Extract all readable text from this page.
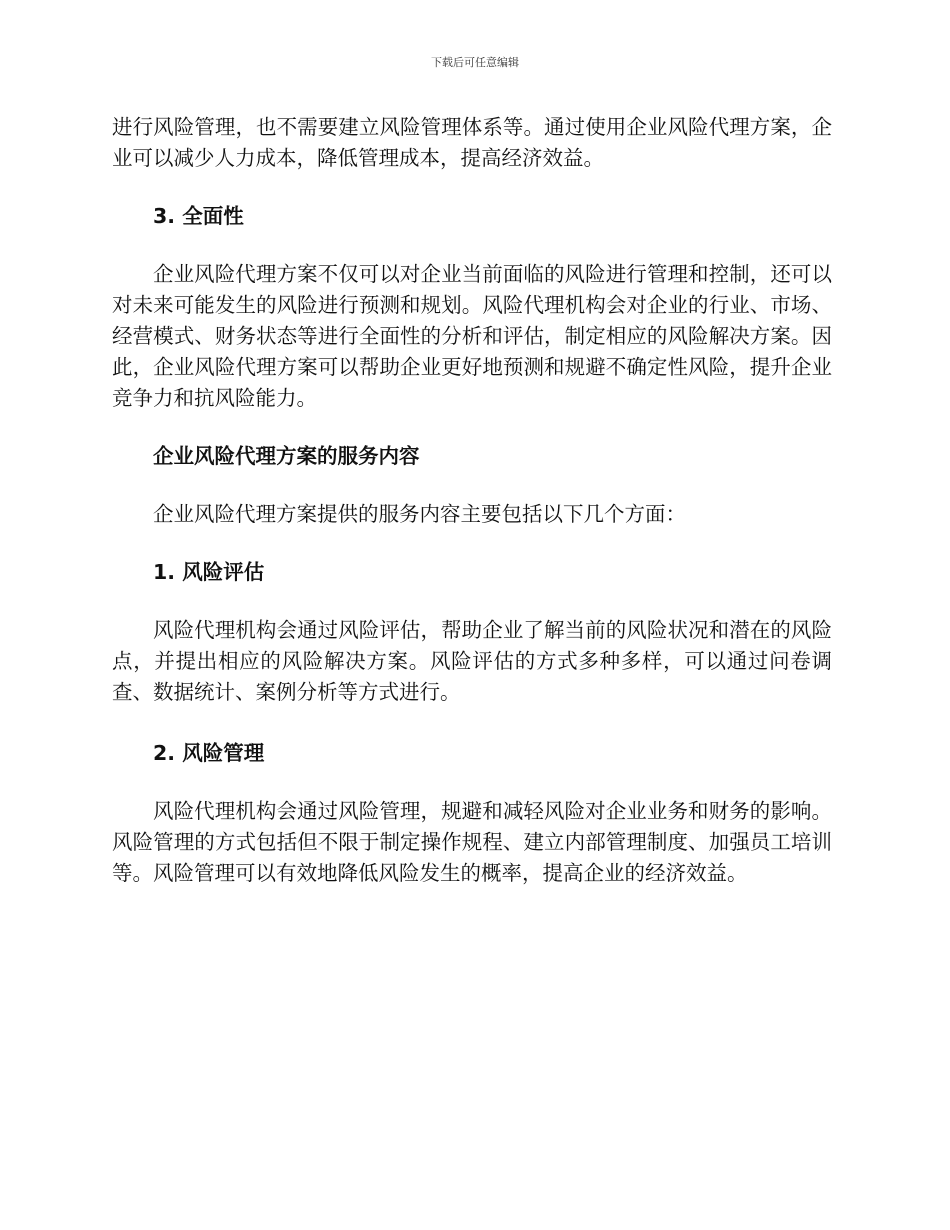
下载后可任意编辑

进行风险管理，也不需要建立风险管理体系等。通过使用企业风险代理方案，企业可以减少人力成本，降低管理成本，提高经济效益。

3. 全面性

企业风险代理方案不仅可以对企业当前面临的风险进行管理和控制，还可以对未来可能发生的风险进行预测和规划。风险代理机构会对企业的行业、市场、经营模式、财务状态等进行全面性的分析和评估，制定相应的风险解决方案。因此，企业风险代理方案可以帮助企业更好地预测和规避不确定性风险，提升企业竞争力和抗风险能力。

企业风险代理方案的服务内容

企业风险代理方案提供的服务内容主要包括以下几个方面：

1. 风险评估

风险代理机构会通过风险评估，帮助企业了解当前的风险状况和潜在的风险点，并提出相应的风险解决方案。风险评估的方式多种多样，可以通过问卷调查、数据统计、案例分析等方式进行。

2. 风险管理

风险代理机构会通过风险管理，规避和减轻风险对企业业务和财务的影响。风险管理的方式包括但不限于制定操作规程、建立内部管理制度、加强员工培训等。风险管理可以有效地降低风险发生的概率，提高企业的经济效益。
